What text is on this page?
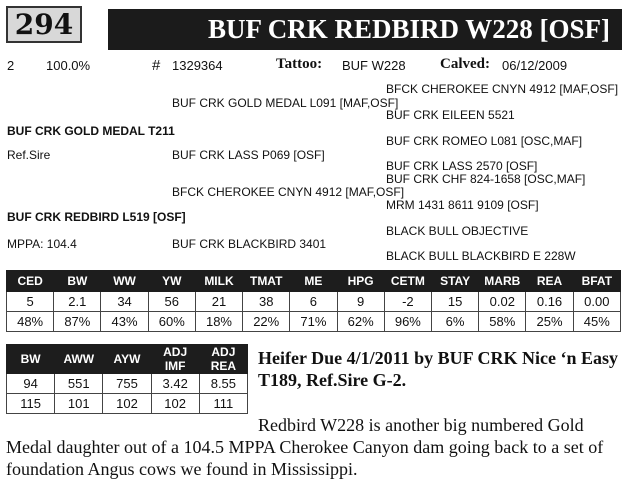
294	BUF CRK REDBIRD W228 [OSF]
2 100.0%	# 1329364	Tattoo: BUF W228 Calved: 06/12/2009
BFCK CHEROKEE CNYN 4912 [MAF,OSF]
BUF CRK GOLD MEDAL L091 [MAF,OSF]
BUF CRK EILEEN 5521
BUF CRK GOLD MEDAL T211
BUF CRK ROMEO L081 [OSC,MAF]
Ref.Sire	BUF CRK LASS P069 [OSF]
BUF CRK LASS 2570 [OSF]
BUF CRK CHF 824-1658 [OSC,MAF]
BFCK CHEROKEE CNYN 4912 [MAF,OSF]
MRM 1431 8611 9109 [OSF]
BUF CRK REDBIRD L519 [OSF]
BLACK BULL OBJECTIVE
MPPA: 104.4	BUF CRK BLACKBIRD 3401
BLACK BULL BLACKBIRD E 228W
CED	BW	WW	YW	MILK	TMAT	ME	HPG	CETM	STAY	MARB	REA	BFAT
5	2.1	34	56	21	38	6	9	-2	15	0.02	0.16	0.00
48%	87%	43%	60%	18%	22%	71%	62%	96%	6%	58%	25%	45%
BW	AWW	AYW	ADJ IMF	ADJ REA
94	551	755	3.42	8.55
115	101	102	102	111
Heifer Due 4/1/2011 by BUF CRK Nice ‘n Easy T189, Ref.Sire G-2.
Redbird W228 is another big numbered Gold Medal daughter out of a 104.5 MPPA Cherokee Canyon dam going back to a set of foundation Angus cows we found in Mississippi.
